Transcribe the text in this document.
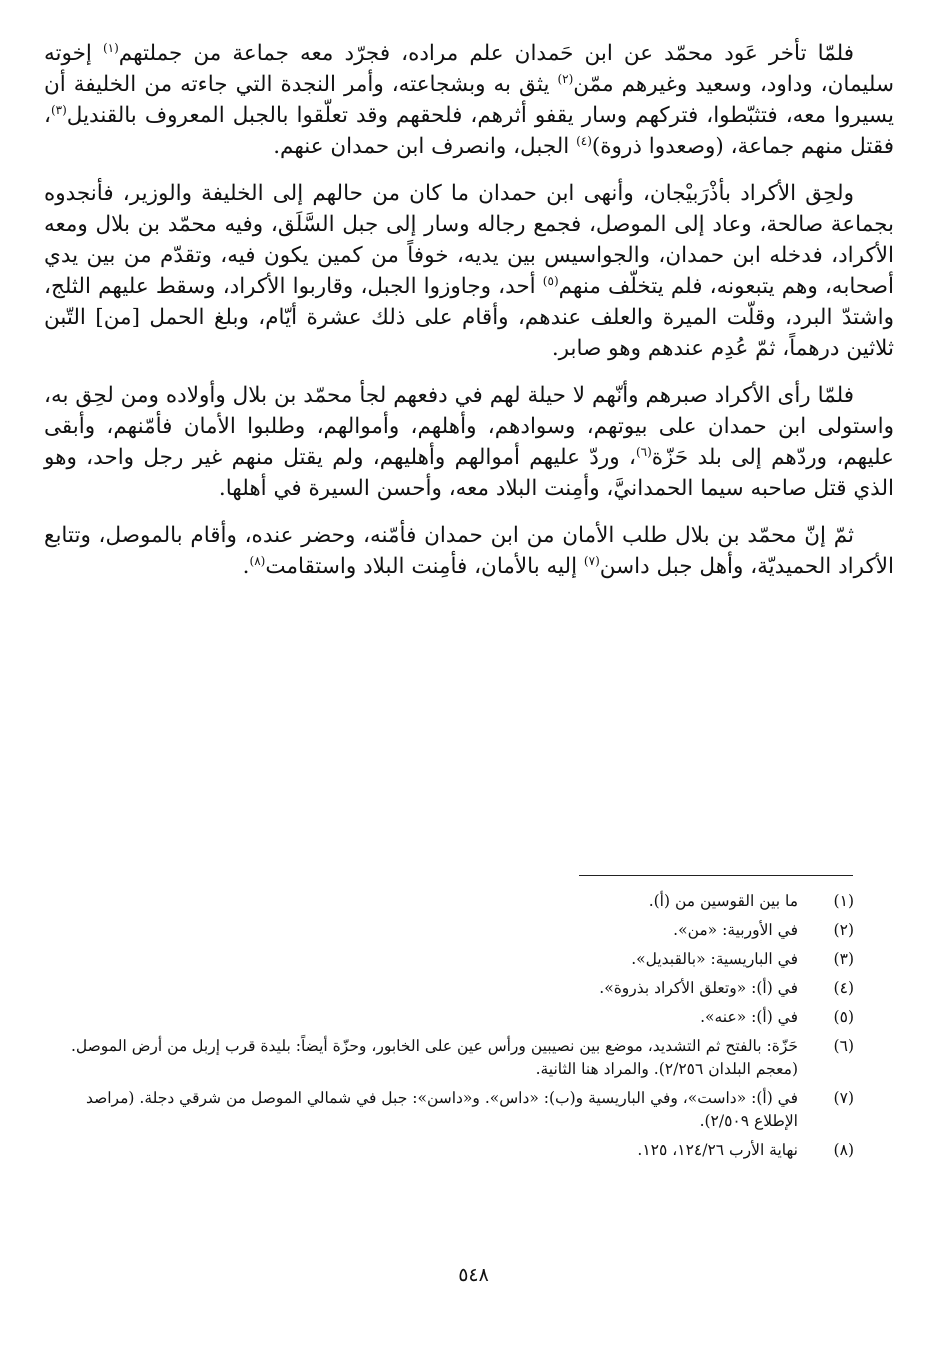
فلمّا تأخر عَود محمّد عن ابن حَمدان علم مراده، فجرّد معه جماعة من جملتهم$^{(١)}$ إخوته سليمان، وداود، وسعيد وغيرهم ممّن$^{(٢)}$ يثق به وبشجاعته، وأمر النجدة التي جاءته من الخليفة أن يسيروا معه، فتثبّطوا، فتركهم وسار يقفو أثرهم، فلحقهم وقد تعلّقوا بالجبل المعروف بالقنديل$^{(٣)}$، فقتل منهم جماعة، (وصعدوا ذروة)$^{(٤)}$ الجبل، وانصرف ابن حمدان عنهم.

ولحِق الأكراد بأذْرَبيْجان، وأنهى ابن حمدان ما كان من حالهم إلى الخليفة والوزير، فأنجدوه بجماعة صالحة، وعاد إلى الموصل، فجمع رجاله وسار إلى جبل السَّلَق، وفيه محمّد بن بلال ومعه الأكراد، فدخله ابن حمدان، والجواسيس بين يديه، خوفاً من كمين يكون فيه، وتقدّم من بين يدي أصحابه، وهم يتبعونه، فلم يتخلّف منهم$^{(٥)}$ أحد، وجاوزوا الجبل، وقاربوا الأكراد، وسقط عليهم الثلج، واشتدّ البرد، وقلّت الميرة والعلف عندهم، وأقام على ذلك عشرة أيّام، وبلغ الحمل [من] التّبن ثلاثين درهماً، ثمّ عُدِم عندهم وهو صابر.

فلمّا رأى الأكراد صبرهم وأنّهم لا حيلة لهم في دفعهم لجأ محمّد بن بلال وأولاده ومن لحِق به، واستولى ابن حمدان على بيوتهم، وسوادهم، وأهلهم، وأموالهم، وطلبوا الأمان فأمّنهم، وأبقى عليهم، وردّهم إلى بلد حَزّة$^{(٦)}$، وردّ عليهم أموالهم وأهليهم، ولم يقتل منهم غير رجل واحد، وهو الذي قتل صاحبه سيما الحمدانيَّ، وأمِنت البلاد معه، وأحسن السيرة في أهلها.

ثمّ إنّ محمّد بن بلال طلب الأمان من ابن حمدان فأمّنه، وحضر عنده، وأقام بالموصل، وتتابع الأكراد الحميديّة، وأهل جبل داسن$^{(٧)}$ إليه بالأمان، فأمِنت البلاد واستقامت$^{(٨)}$.

(١)
ما بين القوسين من (أ).
(٢)
في الأوربية: «من».
(٣)
في الباريسية: «بالقبديل».
(٤)
في (أ): «وتعلق الأكراد بذروة».
(٥)
في (أ): «عنه».
(٦)
حَزّة: بالفتح ثم التشديد، موضع بين نصيبين ورأس عين على الخابور، وحزّة أيضاً: بليدة قرب إربل من أرض الموصل. (معجم البلدان ٢/٢٥٦). والمراد هنا الثانية.
(٧)
في (أ): «داست»، وفي الباريسية و(ب): «داس». و«داسن»: جبل في شمالي الموصل من شرقي دجلة. (مراصد الإطلاع ٢/٥٠٩).
(٨)
نهاية الأرب ١٢٤/٢٦، ١٢٥.
٥٤٨
